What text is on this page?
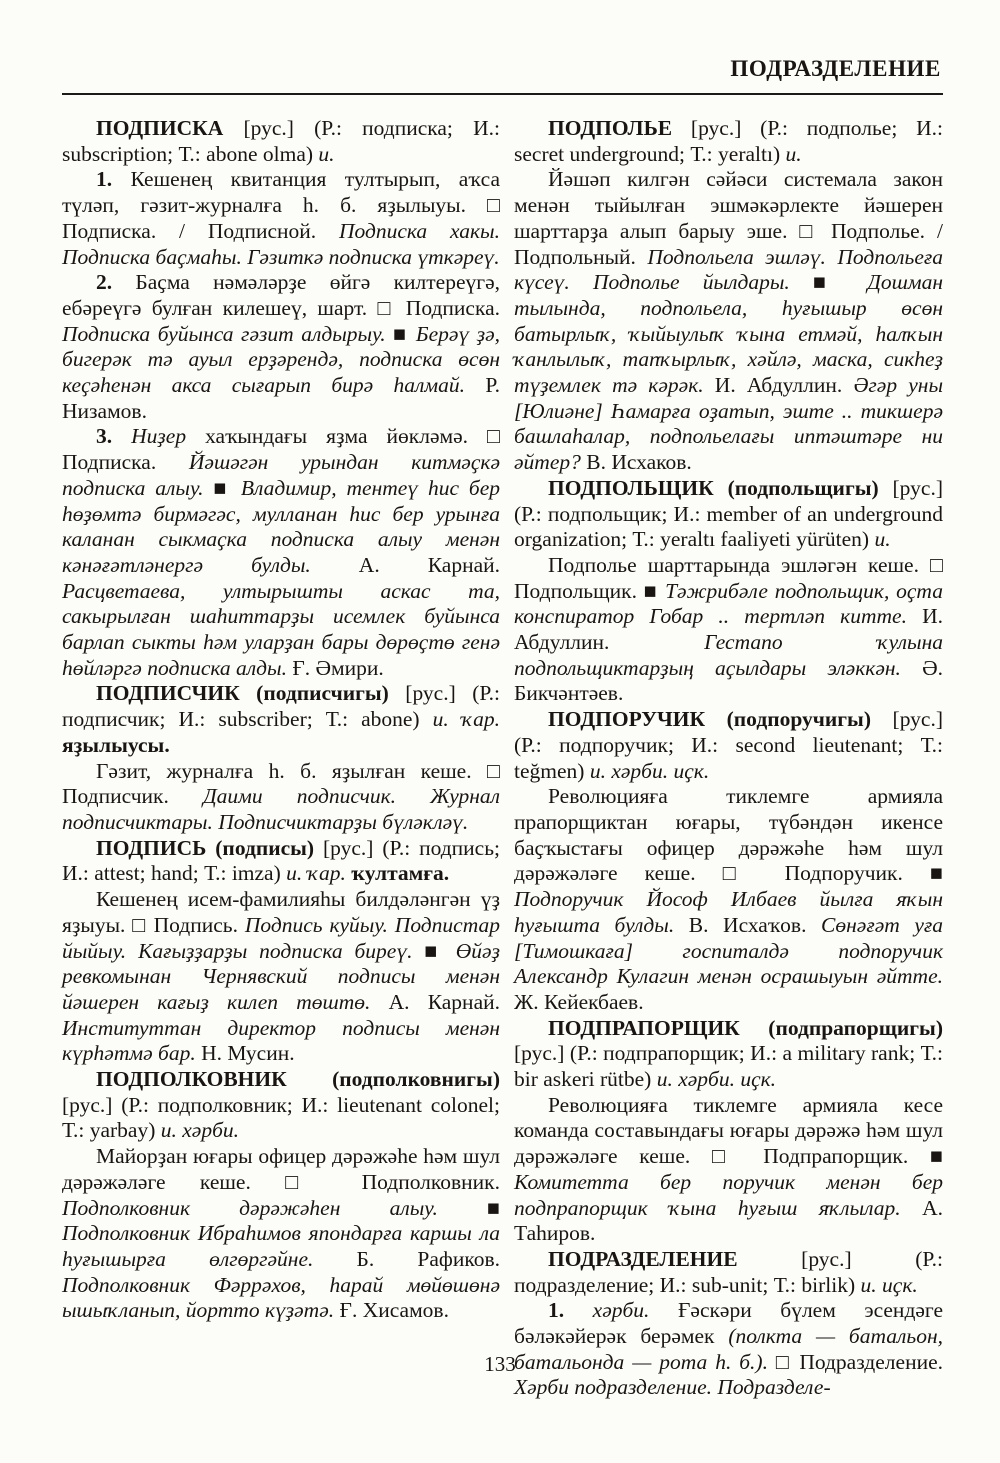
ПОДРАЗДЕЛЕНИЕ

ПОДПИСКА [рус.] (Р.: подписка; И.: subscription; Т.: abone olma) и.

1. Кешенең квитанция тултырып, аҡса түләп, гәзит-журналға һ. б. яҙылыуы. □ Подписка. / Подписной. Подписка хакы. Подписка баҫмаһы. Гәзиткә подписка үткәреү.

2. Баҫма нәмәләрҙе өйгә килтереүгә, ебәреүгә булған килешеү, шарт. □ Подписка. Подписка буйынса гәзит алдырыу. ■ Берәү ҙә, бигерәк тә ауыл ерҙәрендә, подписка өсөн кеҫәһенән акса сығарып бирә һалмай. Р. Низамов.

3. Ниҙер хаҡындағы яҙма йөкләмә. □ Подписка. Йәшәгән урындан китмәҫкә подписка алыу. ■ Владимир, тентеү һис бер һөҙөмтә бирмәгәс, мулланан һис бер урынға каланан сыкмаҫка подписка алыу менән кәнәғәтләнергә булды. А. Карнай. Расцветаева, ултырышты аскас та, сакырылған шаһиттарҙы исемлек буйынса барлап сыкты һәм уларҙан бары дөрөҫтө генә һөйләргә подписка алды. Ғ. Әмири.

ПОДПИСЧИК (подписчигы) [рус.] (Р.: подписчик; И.: subscriber; Т.: abone) и. ҡар. яҙылыусы.

Гәзит, журналға һ. б. яҙылған кеше. □ Подписчик. Даими подписчик. Журнал подписчиктары. Подписчиктарҙы бүләкләү.

ПОДПИСЬ (подписы) [рус.] (Р.: подпись; И.: attest; hand; Т.: imza) и. ҡар. ҡултамға.

Кешенең исем-фамилияһы билдәләнгән үҙ яҙыуы. □ Подпись. Подпись куйыу. Подпистар йыйыу. Кағыҙҙарҙы подписка биреү. ■ Өйәҙ ревкомынан Чернявский подписы менән йәшерен кағыҙ килеп төштө. А. Карнай. Институттан директор подписы менән күрһәтмә бар. Н. Мусин.

ПОДПОЛКОВНИК (подполковнигы) [рус.] (Р.: подполковник; И.: lieutenant colonel; Т.: yarbay) и. хәрби.

Майорҙан юғары офицер дәрәжәһе һәм шул дәрәжәләге кеше. □ Подполковник. Подполковник дәрәжәһен алыу. ■ Подполковник Ибраһимов япондарға каршы ла һуғышырға өлгөргәйне. Б. Рафиков. Подполковник Фәррәхов, һарай мөйөшөнә ышыҡланып, йортто күҙәтә. Ғ. Хисамов.

ПОДПОЛЬЕ [рус.] (Р.: подполье; И.: secret underground; Т.: yeraltı) и.

Йәшәп килгән сәйәси системала закон менән тыйылған эшмәкәрлекте йәшерен шарттарҙа алып барыу эше. □ Подполье. / Подпольный. Подпольела эшләү. Подпольеға күсеү. Подполье йылдары. ■ Дошман тылында, подпольела, һуғышыр өсөн батырлыҡ, ҡыйыулыҡ ҡына етмәй, һалҡын ҡанлылыҡ, тапҡырлыҡ, хәйлә, маска, сикһеҙ түҙемлек тә кәрәк. И. Абдуллин. Әгәр уны [Юлиәне] Һамарға оҙатып, эште .. тикшерә башлаһалар, подпольелағы иптәштәре ни әйтер? В. Исхаков.

ПОДПОЛЬЩИК (подпольщигы) [рус.] (Р.: подпольщик; И.: member of an underground organization; Т.: yeraltı faaliyeti yürüten) и.

Подполье шарттарында эшләгән кеше. □ Подпольщик. ■ Тәжрибәле подпольщик, оҫта конспиратор Гобар .. тертләп китте. И. Абдуллин. Гестапо ҡулына подпольщиктарҙың аҫылдары эләккән. Ә. Бикчәнтәев.

ПОДПОРУЧИК (подпоручигы) [рус.] (Р.: подпоручик; И.: second lieutenant; Т.: teğmen) и. хәрби. иҫк.

Революцияға тиклемге армияла прапорщиктан юғары, түбәндән икенсе баҫҡыстағы офицер дәрәжәһе һәм шул дәрәжәләге кеше. □ Подпоручик. ■ Подпоручик Йософ Илбаев йылға яҡын һуғышта булды. В. Исхаҡов. Сөнәғәт уға [Тимошкаға] госпиталдә подпоручик Александр Кулагин менән осрашыуын әйтте. Ж. Кейекбаев.

ПОДПРАПОРЩИК (подпрапорщигы) [рус.] (Р.: подпрапорщик; И.: a military rank; Т.: bir askeri rütbe) и. хәрби. иҫк.

Революцияға тиклемге армияла кесе команда составындағы юғары дәрәжә һәм шул дәрәжәләге кеше. □ Подпрапорщик. ■ Комитетта бер поручик менән бер подпрапорщик ҡына һуғыш яҡлылар. А. Таһиров.

ПОДРАЗДЕЛЕНИЕ [рус.] (Р.: подразделение; И.: sub-unit; Т.: birlik) и. иҫк.

1. хәрби. Ғәскәри бүлем эсендәге бәләкәйерәк берәмек (полкта — батальон, батальонда — рота һ. б.). □ Подразделение. Хәрби подразделение. Подразделе-

133
